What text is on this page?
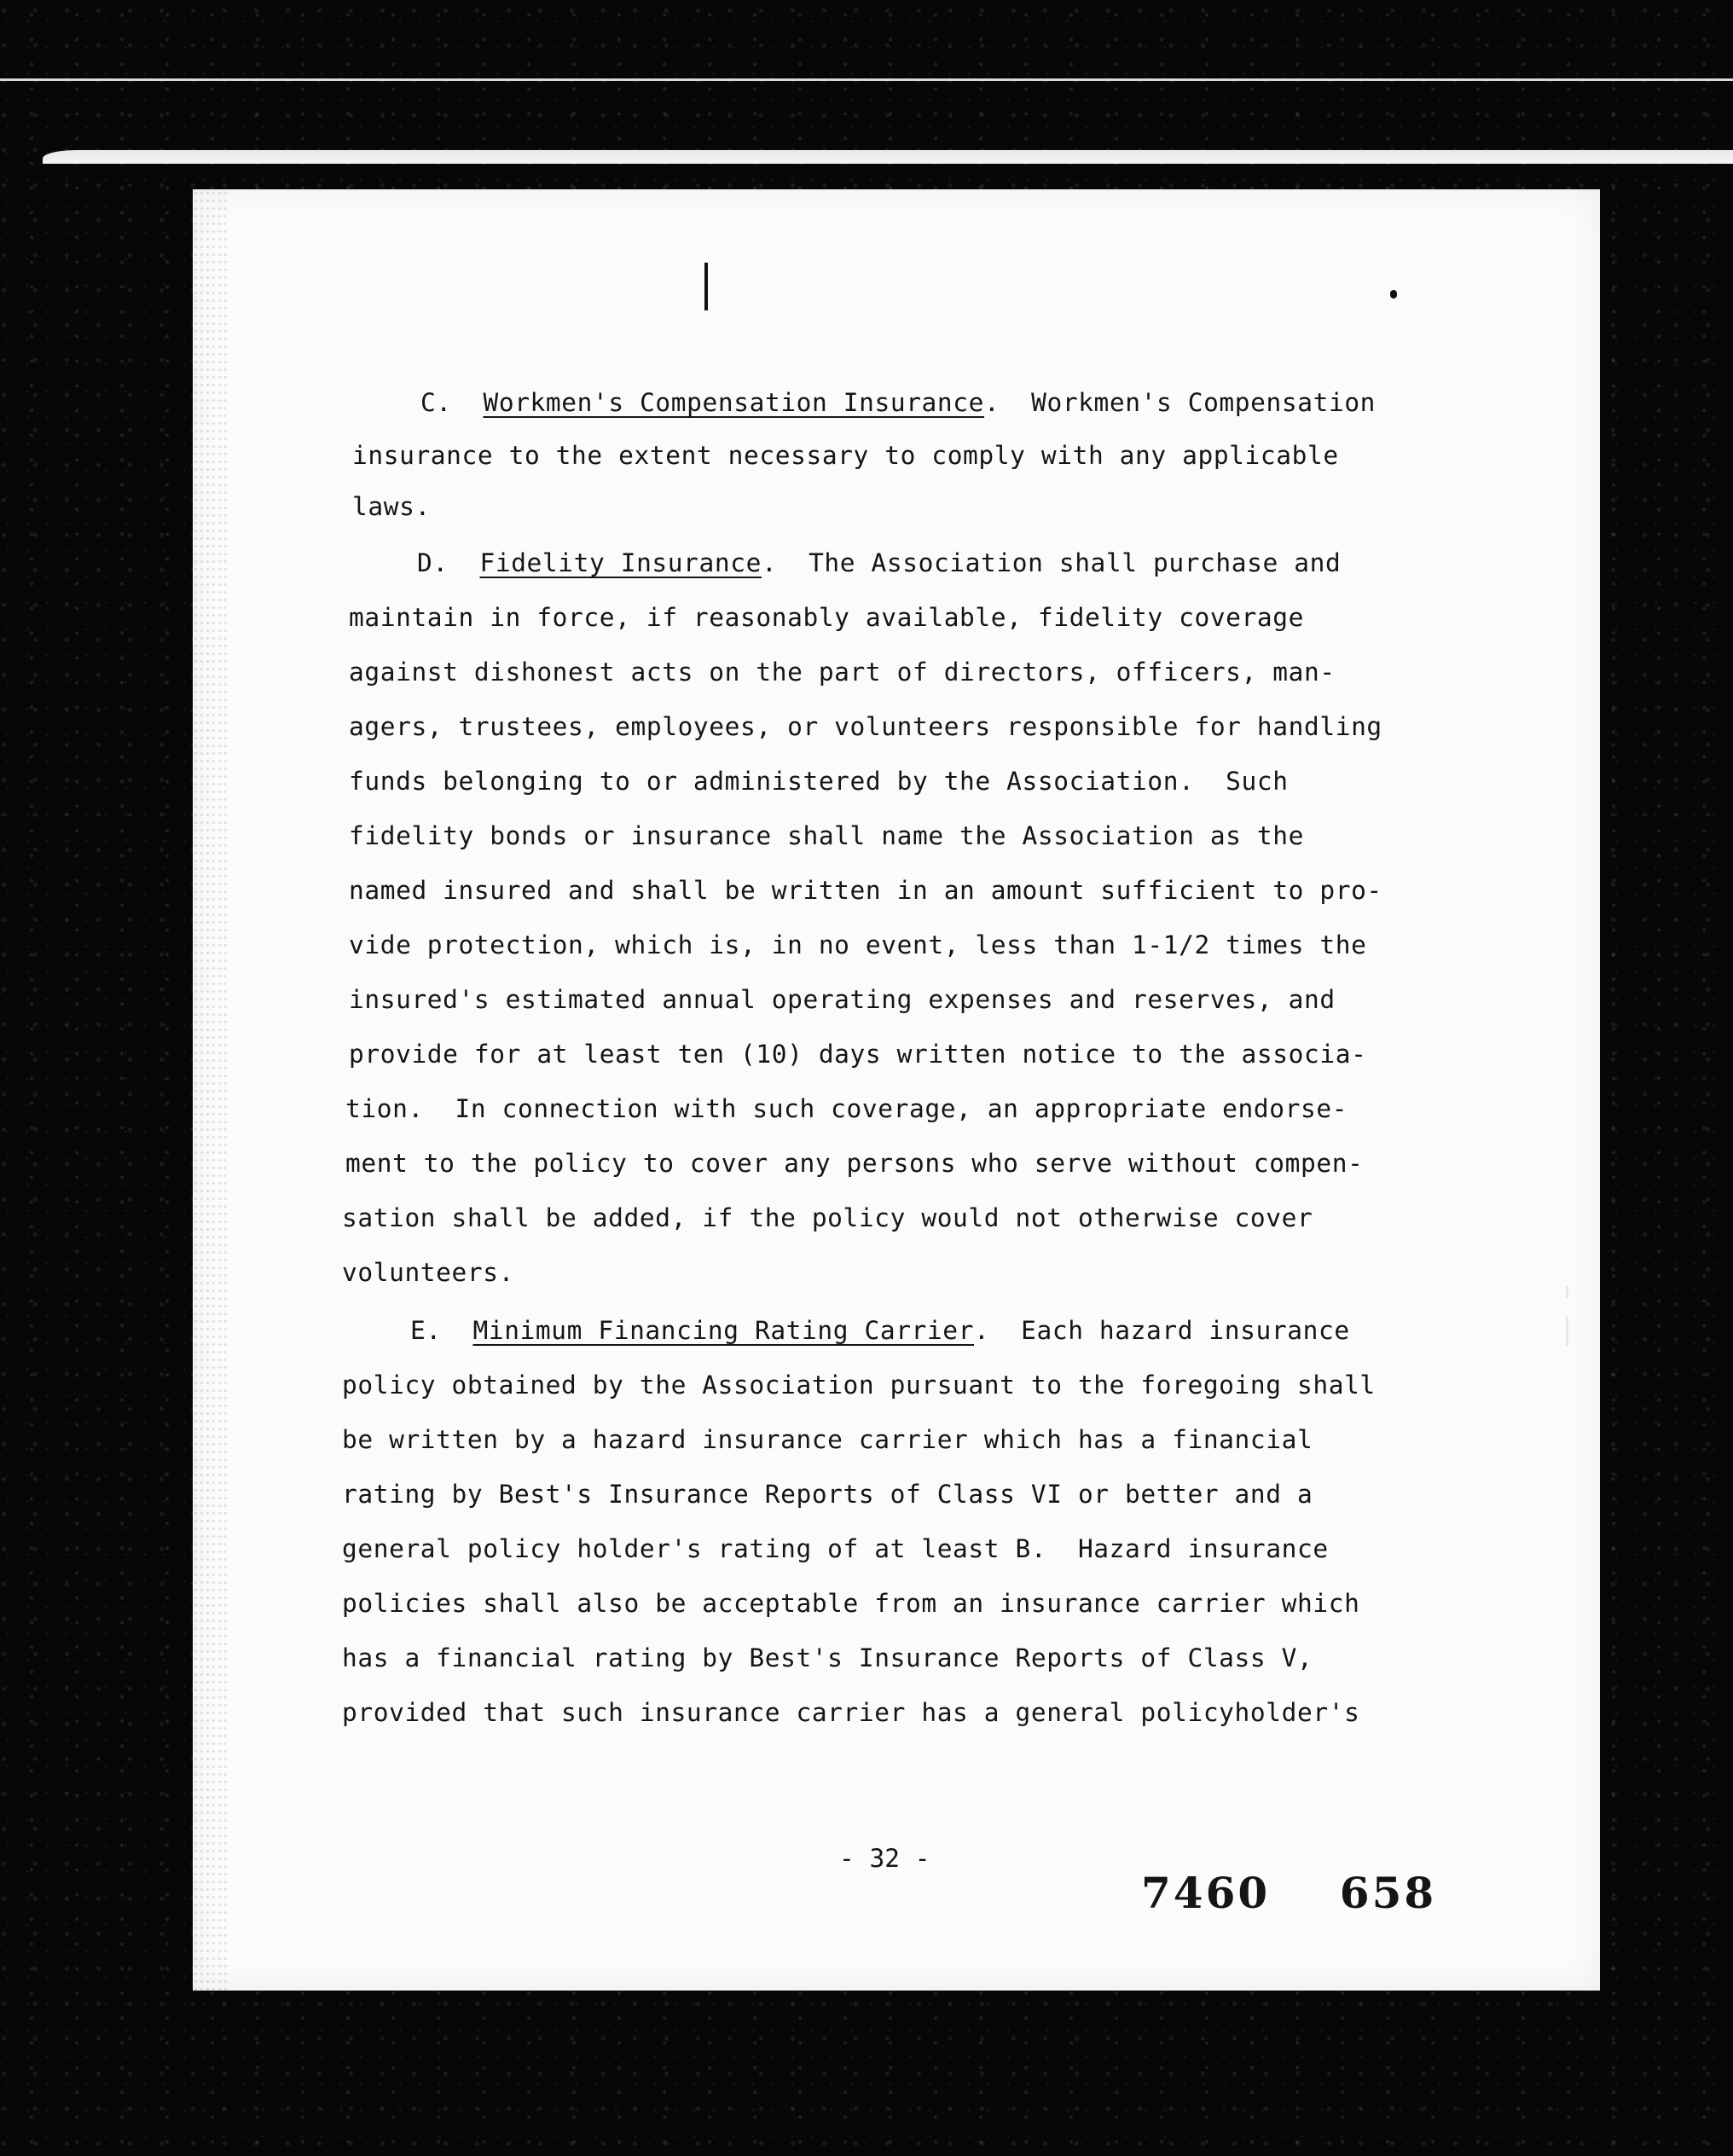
C. Workmen's Compensation Insurance.  Workmen's Compensation
insurance to the extent necessary to comply with any applicable
laws.
D. Fidelity Insurance.  The Association shall purchase and
maintain in force, if reasonably available, fidelity coverage
against dishonest acts on the part of directors, officers, man-
agers, trustees, employees, or volunteers responsible for handling
funds belonging to or administered by the Association.  Such
fidelity bonds or insurance shall name the Association as the
named insured and shall be written in an amount sufficient to pro-
vide protection, which is, in no event, less than 1-1/2 times the
insured's estimated annual operating expenses and reserves, and
provide for at least ten (10) days written notice to the associa-
tion.  In connection with such coverage, an appropriate endorse-
ment to the policy to cover any persons who serve without compen-
sation shall be added, if the policy would not otherwise cover
volunteers.
E. Minimum Financing Rating Carrier.  Each hazard insurance
policy obtained by the Association pursuant to the foregoing shall
be written by a hazard insurance carrier which has a financial
rating by Best's Insurance Reports of Class VI or better and a
general policy holder's rating of at least B.  Hazard insurance
policies shall also be acceptable from an insurance carrier which
has a financial rating by Best's Insurance Reports of Class V,
provided that such insurance carrier has a general policyholder's
- 32 -
7460    658
